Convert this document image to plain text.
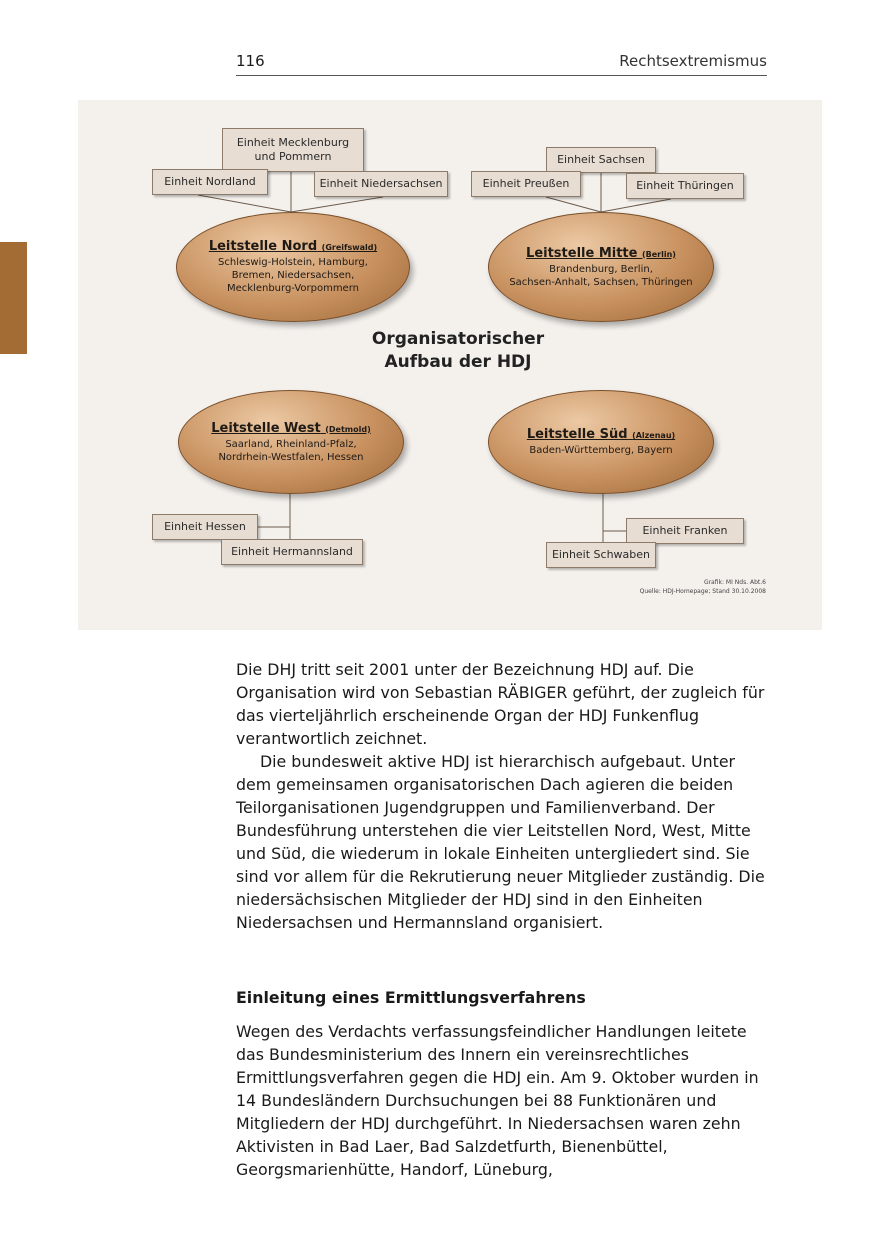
116	Rechtsextremismus
Einheit Mecklenburg
und Pommern
Einheit Nordland	Einheit Niedersachsen
Einheit Sachsen
Einheit Preußen	Einheit Thüringen
Leitstelle Nord (Greifswald)
Schleswig-Holstein, Hamburg,
Bremen, Niedersachsen,
Mecklenburg-Vorpommern
Leitstelle Mitte (Berlin)
Brandenburg, Berlin,
Sachsen-Anhalt, Sachsen, Thüringen
Organisatorischer
Aufbau der HDJ
Leitstelle West (Detmold)
Saarland, Rheinland-Pfalz,
Nordrhein-Westfalen, Hessen
Leitstelle Süd (Alzenau)
Baden-Württemberg, Bayern
Einheit Hessen
Einheit Hermannsland
Einheit Franken
Einheit Schwaben
Grafik: MI Nds. Abt.6
Quelle: HDJ-Homepage; Stand 30.10.2008
Die DHJ tritt seit 2001 unter der Bezeichnung HDJ auf. Die Organisation wird von Sebastian RÄBIGER geführt, der zugleich für das vierteljährlich erscheinende Organ der HDJ Funkenflug verantwortlich zeichnet.
Die bundesweit aktive HDJ ist hierarchisch aufgebaut. Unter dem gemeinsamen organisatorischen Dach agieren die beiden Teilorganisationen Jugendgruppen und Familienverband. Der Bundesführung unterstehen die vier Leitstellen Nord, West, Mitte und Süd, die wiederum in lokale Einheiten untergliedert sind. Sie sind vor allem für die Rekrutierung neuer Mitglieder zuständig. Die niedersächsischen Mitglieder der HDJ sind in den Einheiten Niedersachsen und Hermannsland organisiert.
Einleitung eines Ermittlungsverfahrens
Wegen des Verdachts verfassungsfeindlicher Handlungen leitete das Bundesministerium des Innern ein vereinsrechtliches Ermittlungsverfahren gegen die HDJ ein. Am 9. Oktober wurden in 14 Bundesländern Durchsuchungen bei 88 Funktionären und Mitgliedern der HDJ durchgeführt. In Niedersachsen waren zehn Aktivisten in Bad Laer, Bad Salzdetfurth, Bienenbüttel, Georgsmarienhütte, Handorf, Lüneburg,
